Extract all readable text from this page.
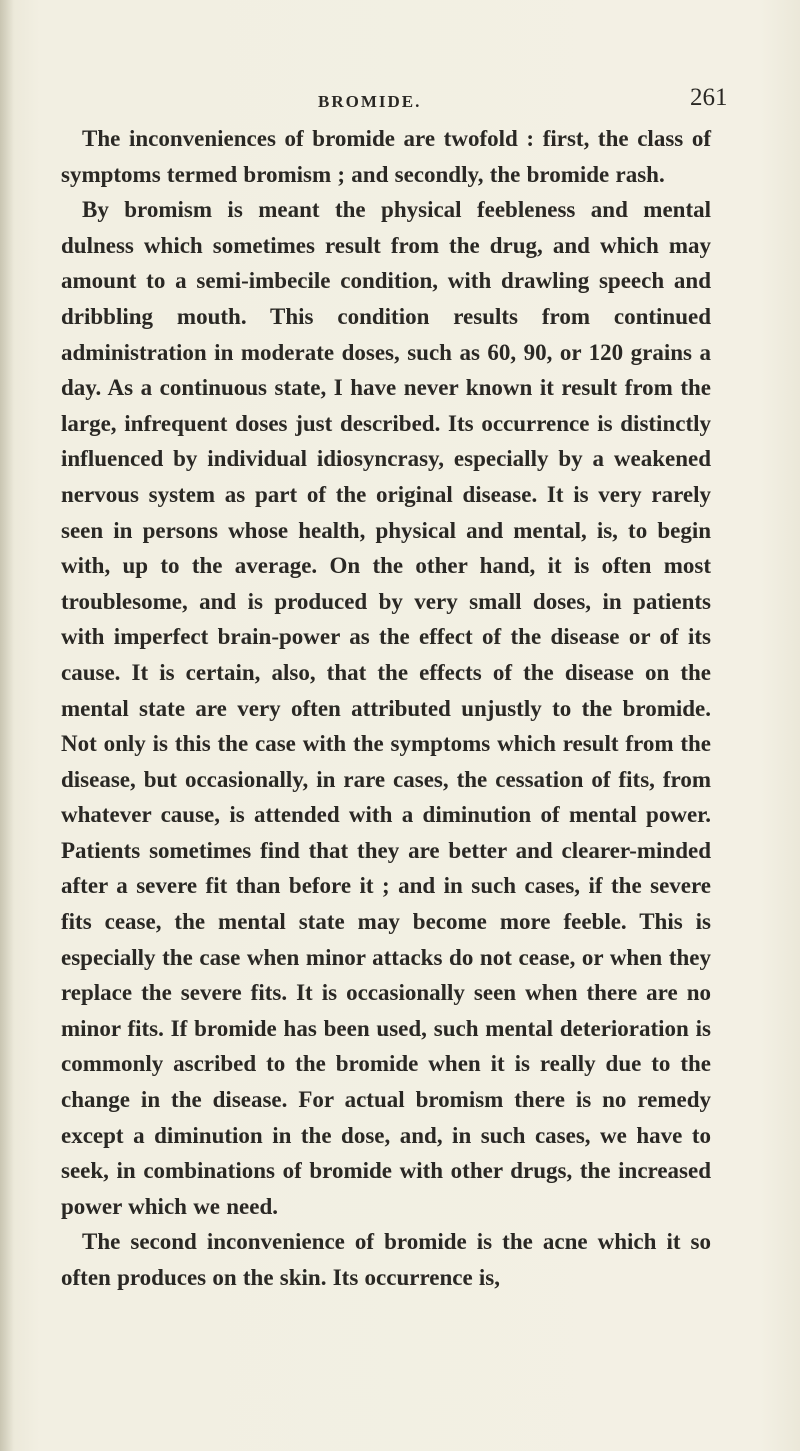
BROMIDE.	261

The inconveniences of bromide are twofold : first, the class of symptoms termed bromism ; and secondly, the bromide rash.

By bromism is meant the physical feebleness and mental dulness which sometimes result from the drug, and which may amount to a semi-imbecile condition, with drawling speech and dribbling mouth. This condition results from continued administration in moderate doses, such as 60, 90, or 120 grains a day. As a continuous state, I have never known it result from the large, infrequent doses just described. Its occurrence is distinctly influenced by individual idiosyncrasy, especially by a weakened nervous system as part of the original disease. It is very rarely seen in persons whose health, physical and mental, is, to begin with, up to the average. On the other hand, it is often most troublesome, and is produced by very small doses, in patients with imperfect brain-power as the effect of the disease or of its cause. It is certain, also, that the effects of the disease on the mental state are very often attributed unjustly to the bromide. Not only is this the case with the symptoms which result from the disease, but occasionally, in rare cases, the cessation of fits, from whatever cause, is attended with a diminution of mental power. Patients sometimes find that they are better and clearer-minded after a severe fit than before it ; and in such cases, if the severe fits cease, the mental state may become more feeble. This is especially the case when minor attacks do not cease, or when they replace the severe fits. It is occasionally seen when there are no minor fits. If bromide has been used, such mental deterioration is commonly ascribed to the bromide when it is really due to the change in the disease. For actual bromism there is no remedy except a diminution in the dose, and, in such cases, we have to seek, in combinations of bromide with other drugs, the increased power which we need.

The second inconvenience of bromide is the acne which it so often produces on the skin. Its occurrence is,
